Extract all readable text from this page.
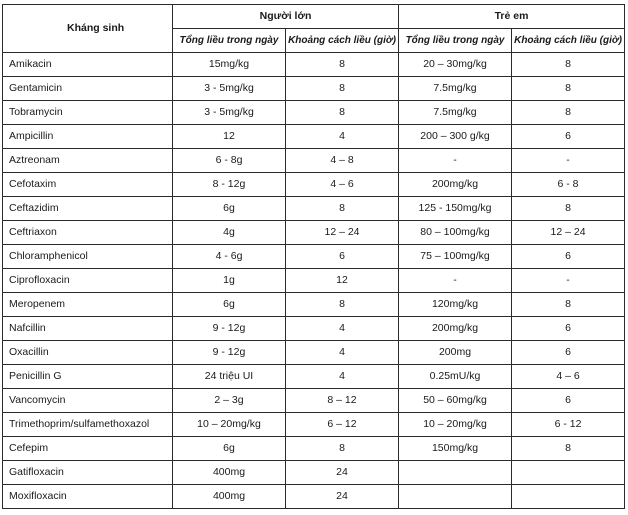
Kháng sinh	Người lớn		Trẻ em	
	Tổng liều trong ngày	Khoảng cách liều (giờ)	Tổng liều trong ngày	Khoảng cách liều (giờ)
Amikacin	15mg/kg	8	20 – 30mg/kg	8
Gentamicin	3 - 5mg/kg	8	7.5mg/kg	8
Tobramycin	3 - 5mg/kg	8	7.5mg/kg	8
Ampicillin	12	4	200 – 300 g/kg	6
Aztreonam	6 - 8g	4 – 8	-	-
Cefotaxim	8 - 12g	4 – 6	200mg/kg	6 - 8
Ceftazidim	6g	8	125 - 150mg/kg	8
Ceftriaxon	4g	12 – 24	80 – 100mg/kg	12 – 24
Chloramphenicol	4 - 6g	6	75 – 100mg/kg	6
Ciprofloxacin	1g	12	-	-
Meropenem	6g	8	120mg/kg	8
Nafcillin	9 - 12g	4	200mg/kg	6
Oxacillin	9 - 12g	4	200mg	6
Penicillin G	24 triệu UI	4	0.25mU/kg	4 – 6
Vancomycin	2 – 3g	8 – 12	50 – 60mg/kg	6
Trimethoprim/sulfamethoxazol	10 – 20mg/kg	6 – 12	10 – 20mg/kg	6 - 12
Cefepim	6g	8	150mg/kg	8
Gatifloxacin	400mg	24		
Moxifloxacin	400mg	24		
